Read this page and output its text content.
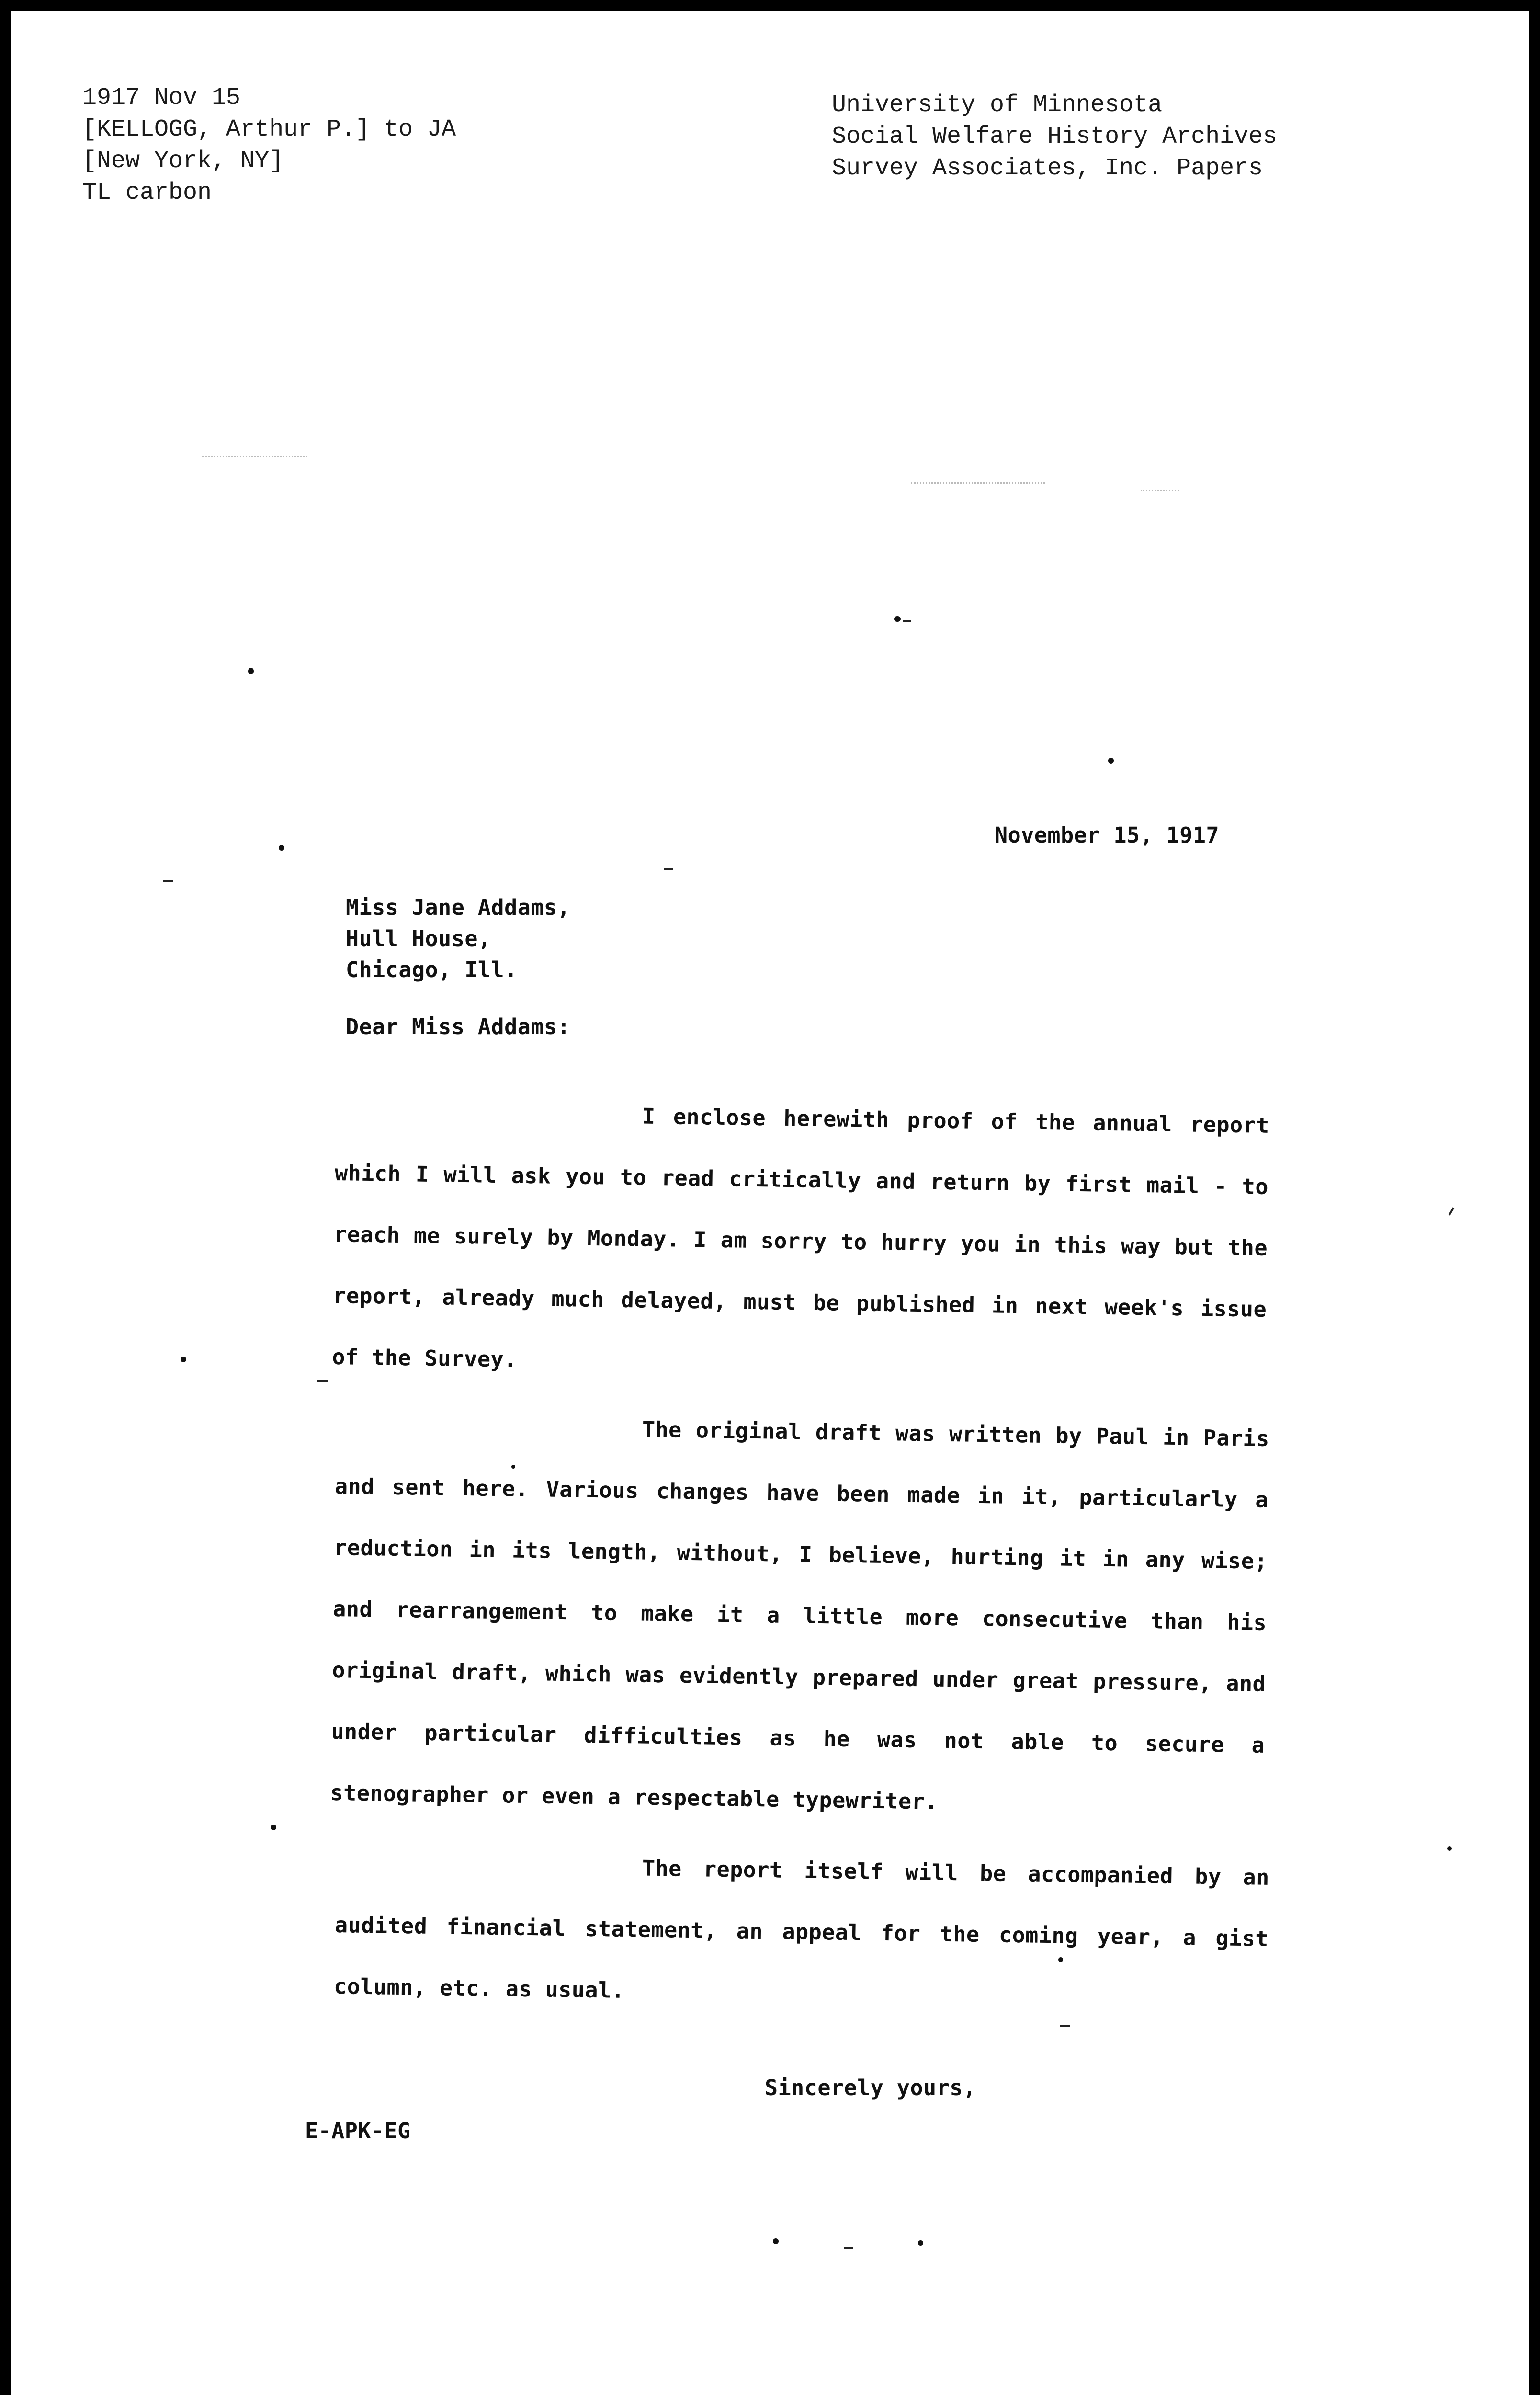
1917 Nov 15
[KELLOGG, Arthur P.] to JA
[New York, NY]
TL carbon
University of Minnesota
Social Welfare History Archives
Survey Associates, Inc. Papers
November 15, 1917
Miss Jane Addams,
Hull House,
Chicago, Ill.
Dear Miss Addams:

I enclose herewith proof of the annual report which I will ask you to read critically and return by first mail - to reach me surely by Monday. I am sorry to hurry you in this way but the report, already much delayed, must be published in next week's issue of the Survey.

The original draft was written by Paul in Paris and sent here. Various changes have been made in it, particularly a reduction in its length, without, I believe, hurting it in any wise; and rearrangement to make it a little more consecutive than his original draft, which was evidently prepared under great pressure, and under particular difficulties as he was not able to secure a stenographer or even a respectable typewriter.

The report itself will be accompanied by an audited financial statement, an appeal for the coming year, a gist column, etc. as usual.

Sincerely yours,
E-APK-EG
